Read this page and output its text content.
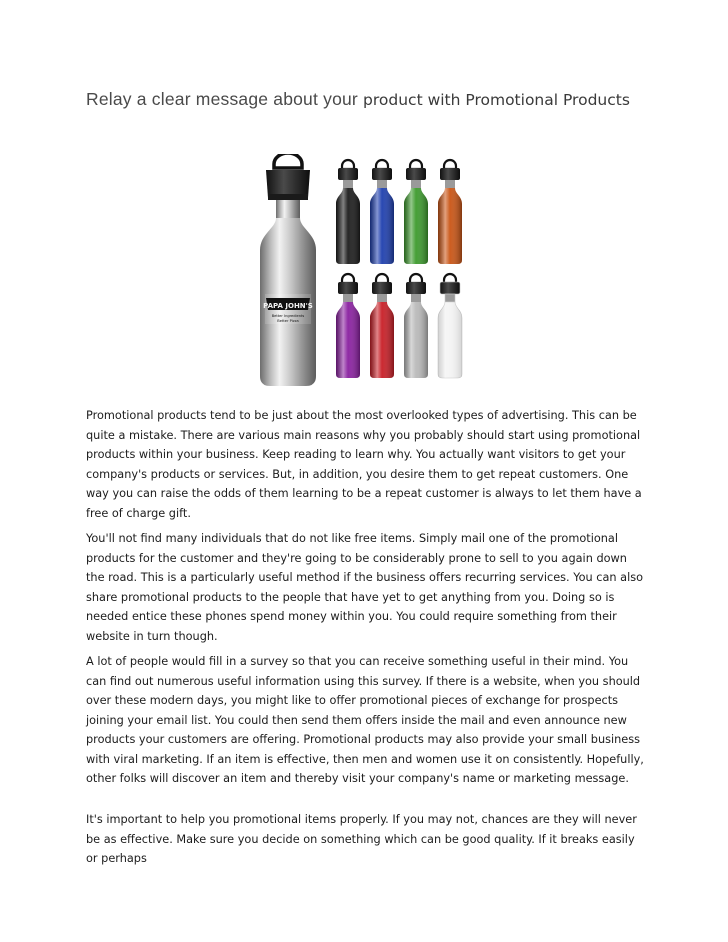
Relay a clear message about your product with Promotional Products
PAPA JOHN'S
Better Ingredients
Better Pizza

Promotional products tend to be just about the most overlooked types of advertising. This can be quite a mistake. There are various main reasons why you probably should start using promotional products within your business. Keep reading to learn why. You actually want visitors to get your company's products or services. But, in addition, you desire them to get repeat customers. One way you can raise the odds of them learning to be a repeat customer is always to let them have a free of charge gift.

You'll not find many individuals that do not like free items. Simply mail one of the promotional products for the customer and they're going to be considerably prone to sell to you again down the road. This is a particularly useful method if the business offers recurring services. You can also share promotional products to the people that have yet to get anything from you. Doing so is needed entice these phones spend money within you. You could require something from their website in turn though.

A lot of people would fill in a survey so that you can receive something useful in their mind. You can find out numerous useful information using this survey. If there is a website, when you should over these modern days, you might like to offer promotional pieces of exchange for prospects joining your email list. You could then send them offers inside the mail and even announce new products your customers are offering. Promotional products may also provide your small business with viral marketing. If an item is effective, then men and women use it on consistently. Hopefully, other folks will discover an item and thereby visit your company's name or marketing message.

It's important to help you promotional items properly. If you may not, chances are they will never be as effective. Make sure you decide on something which can be good quality. If it breaks easily or perhaps
